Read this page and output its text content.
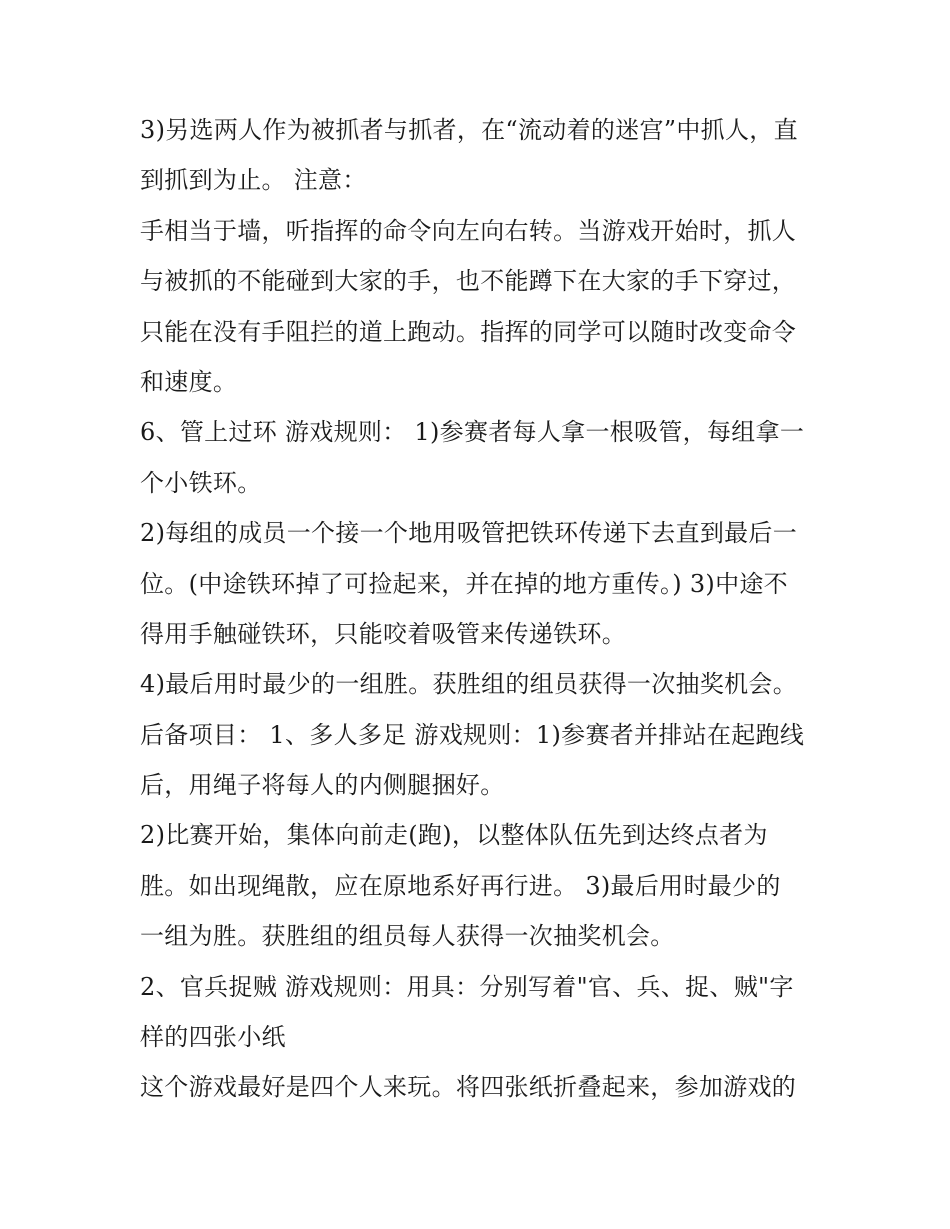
3)另选两人作为被抓者与抓者，在“流动着的迷宫”中抓人，直
到抓到为止。 注意：
手相当于墙，听指挥的命令向左向右转。当游戏开始时，抓人
与被抓的不能碰到大家的手，也不能蹲下在大家的手下穿过，
只能在没有手阻拦的道上跑动。指挥的同学可以随时改变命令
和速度。
6、管上过环 游戏规则： 1)参赛者每人拿一根吸管，每组拿一
个小铁环。
2)每组的成员一个接一个地用吸管把铁环传递下去直到最后一
位。(中途铁环掉了可捡起来，并在掉的地方重传。) 3)中途不
得用手触碰铁环，只能咬着吸管来传递铁环。
4)最后用时最少的一组胜。获胜组的组员获得一次抽奖机会。
后备项目： 1、多人多足 游戏规则：1)参赛者并排站在起跑线
后，用绳子将每人的内侧腿捆好。
2)比赛开始，集体向前走(跑)，以整体队伍先到达终点者为
胜。如出现绳散，应在原地系好再行进。 3)最后用时最少的
一组为胜。获胜组的组员每人获得一次抽奖机会。
2、官兵捉贼 游戏规则：用具：分别写着"官、兵、捉、贼"字
样的四张小纸
这个游戏最好是四个人来玩。将四张纸折叠起来，参加游戏的
